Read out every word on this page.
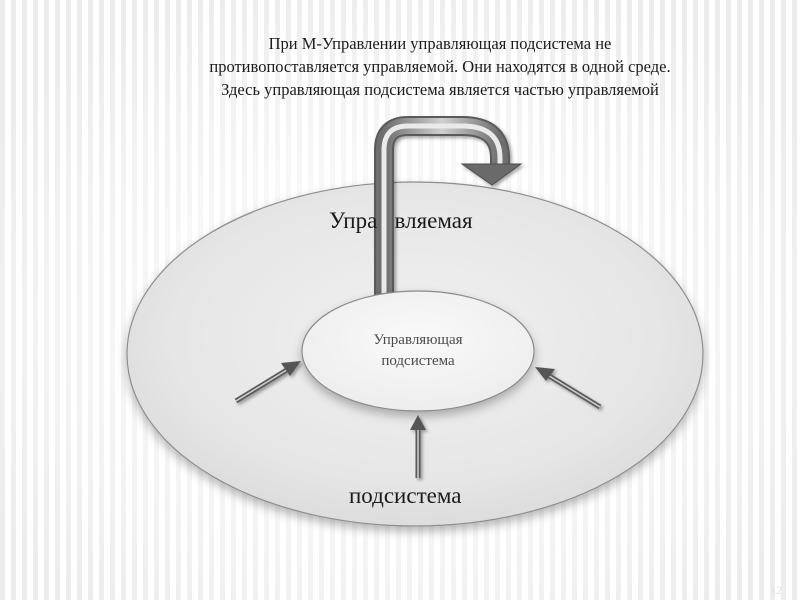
При М-Управлении управляющая подсистема не
противопоставляется управляемой. Они находятся в одной среде.
Здесь управляющая подсистема является частью управляемой
Упра   вляемая
подсистема
Управляющая
подсистема
12
